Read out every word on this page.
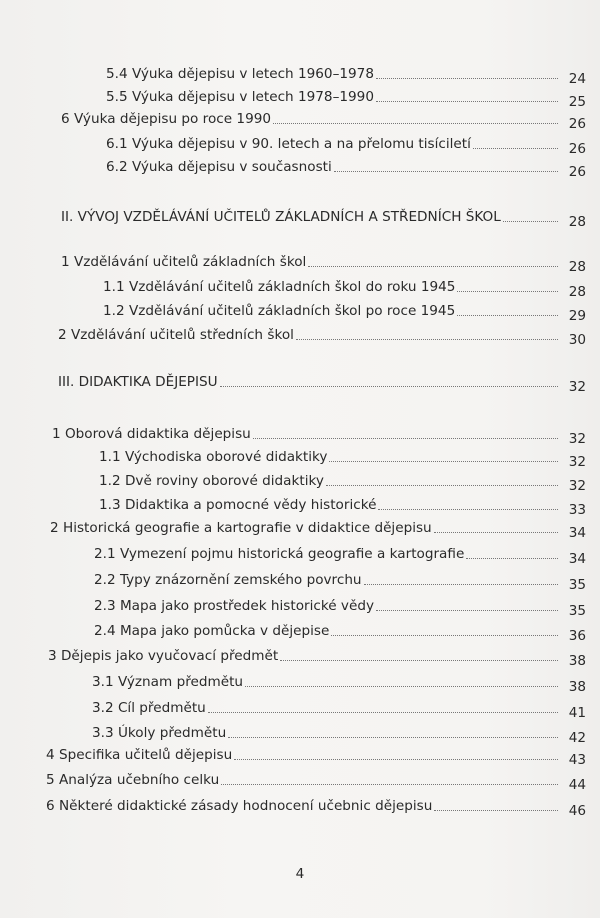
5.4 Výuka dějepisu v letech 1960–1978	24
5.5 Výuka dějepisu v letech 1978–1990	25
6 Výuka dějepisu po roce 1990	26
6.1 Výuka dějepisu v 90. letech a na přelomu tisíciletí	26
6.2 Výuka dějepisu v současnosti	26
II. VÝVOJ VZDĚLÁVÁNÍ UČITELŮ ZÁKLADNÍCH A STŘEDNÍCH ŠKOL	28
1 Vzdělávání učitelů základních škol	28
1.1 Vzdělávání učitelů základních škol do roku 1945	28
1.2 Vzdělávání učitelů základních škol po roce 1945	29
2 Vzdělávání učitelů středních škol	30
III. DIDAKTIKA DĚJEPISU	32
1 Oborová didaktika dějepisu	32
1.1 Východiska oborové didaktiky	32
1.2 Dvě roviny oborové didaktiky	32
1.3 Didaktika a pomocné vědy historické	33
2 Historická geografie a kartografie v didaktice dějepisu	34
2.1 Vymezení pojmu historická geografie a kartografie	34
2.2 Typy znázornění zemského povrchu	35
2.3 Mapa jako prostředek historické vědy	35
2.4 Mapa jako pomůcka v dějepise	36
3 Dějepis jako vyučovací předmět	38
3.1 Význam předmětu	38
3.2 Cíl předmětu	41
3.3 Úkoly předmětu	42
4 Specifika učitelů dějepisu	43
5 Analýza učebního celku	44
6 Některé didaktické zásady hodnocení učebnic dějepisu	46
4
